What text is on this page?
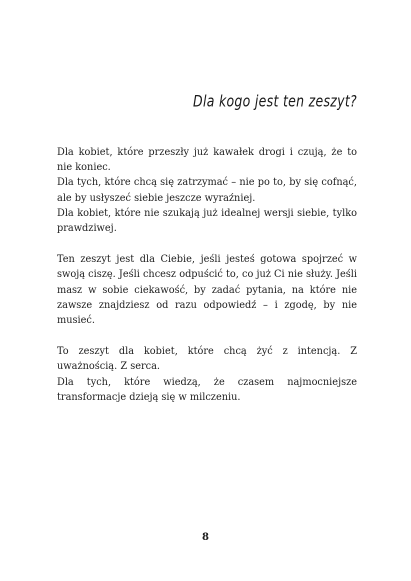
Dla kogo jest ten zeszyt?

Dla kobiet, które przeszły już kawałek drogi i czują, że to nie koniec.
Dla tych, które chcą się zatrzymać – nie po to, by się cofnąć, ale by usłyszeć siebie jeszcze wyraźniej.
Dla kobiet, które nie szukają już idealnej wersji siebie, tylko prawdziwej.

Ten zeszyt jest dla Ciebie, jeśli jesteś gotowa spojrzeć w swoją ciszę. Jeśli chcesz odpuścić to, co już Ci nie służy. Jeśli masz w sobie ciekawość, by zadać pytania, na które nie zawsze znajdziesz od razu odpowiedź – i zgodę, by nie musieć.

To zeszyt dla kobiet, które chcą żyć z intencją. Z uważnością. Z serca.
Dla tych, które wiedzą, że czasem najmocniejsze transformacje dzieją się w milczeniu.

8
